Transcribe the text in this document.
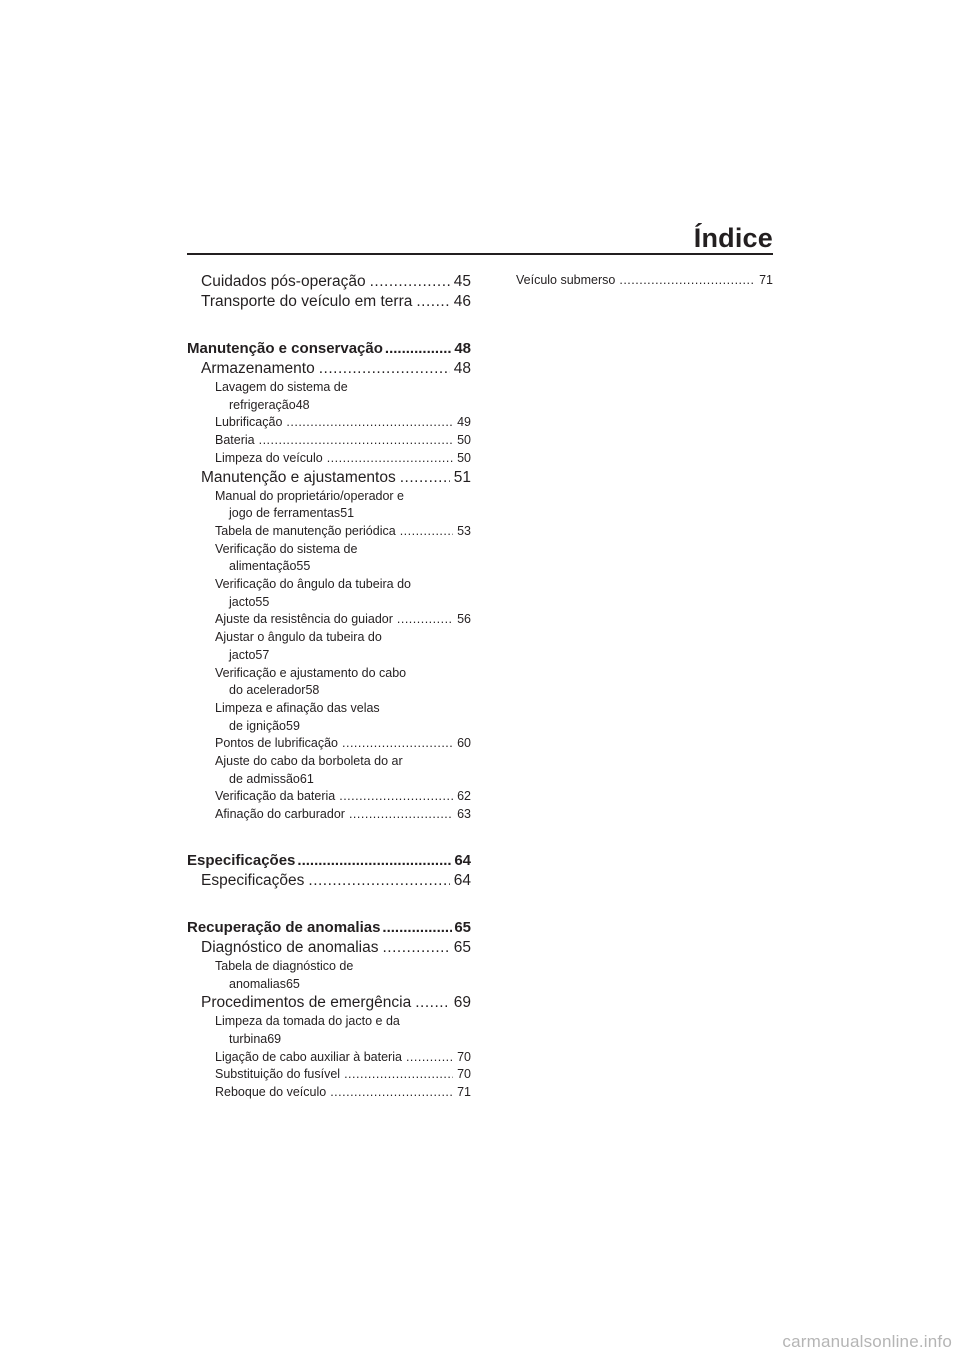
Índice
Cuidados pós-operação .....	45
Transporte do veículo em terra .....	46
Manutenção e conservação .....	48
Armazenamento .....	48
Lavagem do sistema de
refrigeração 48
Lubrificação .....	49
Bateria .....	50
Limpeza do veículo .....	50
Manutenção e ajustamentos .....	51
Manual do proprietário/operador e
jogo de ferramentas 51
Tabela de manutenção periódica .....	53
Verificação do sistema de
alimentação 55
Verificação do ângulo da tubeira do
jacto 55
Ajuste da resistência do guiador .....	56
Ajustar o ângulo da tubeira do
jacto 57
Verificação e ajustamento do cabo
do acelerador 58
Limpeza e afinação das velas
de ignição 59
Pontos de lubrificação .....	60
Ajuste do cabo da borboleta do ar
de admissão 61
Verificação da bateria .....	62
Afinação do carburador .....	63
Especificações .....	64
Especificações .....	64
Recuperação de anomalias .....	65
Diagnóstico de anomalias .....	65
Tabela de diagnóstico de
anomalias 65
Procedimentos de emergência .....	69
Limpeza da tomada do jacto e da
turbina 69
Ligação de cabo auxiliar à bateria .....	70
Substituição do fusível .....	70
Reboque do veículo .....	71
Veículo submerso .....	71
carmanualsonline.info
